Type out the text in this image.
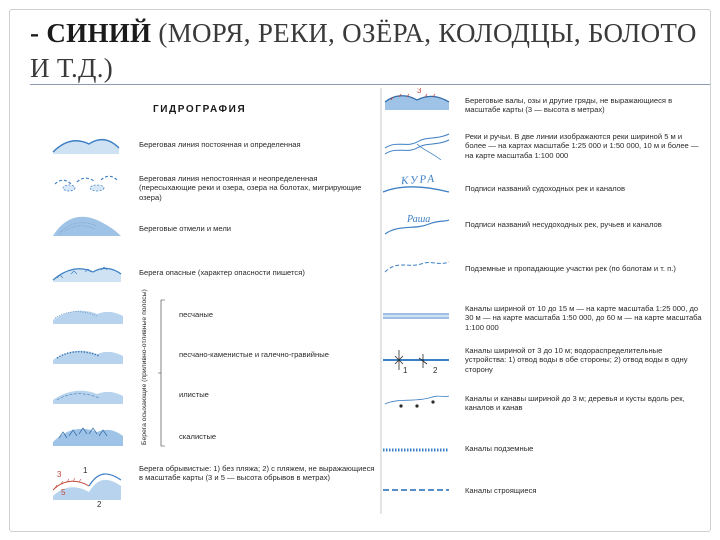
- СИНИЙ (МОРЯ, РЕКИ, ОЗЁРА, КОЛОДЦЫ, БОЛОТО И Т.Д.)
ГИДРОГРАФИЯ
Береговая линия постоянная и определенная
Береговая линия непостоянная и неопределенная (пересыхающие реки и озера, озера на болотах, мигрирующие озера)
Береговые отмели и мели
Берега опасные (характер опасности пишется)
песчаные
песчано-каменистые и галечно-гравийные
илистые
скалистые
Берега обрывистые: 1) без пляжа; 2) с пляжем, не выражающиеся в масштабе карты (3 и 5 — высота обрывов в метрах)
Берега осыхающие (приливно-отливные полосы)
Береговые валы, озы и другие гряды, не выражающиеся в масштабе карты (3 — высота в метрах)
Реки и ручьи. В две линии изображаются реки шириной 5 м и более — на картах масштабе 1:25 000 и 1:50 000, 10 м и более — на карте масштаба 1:100 000
Подписи названий судоходных рек и каналов
Подписи названий несудоходных рек, ручьев и каналов
Подземные и пропадающие участки рек (по болотам и т. п.)
Каналы шириной от 10 до 15 м — на карте масштаба 1:25 000, до 30 м — на карте масштаба 1:50 000, до 60 м — на карте масштаба 1:100 000
Каналы шириной от 3 до 10 м; водораспределительные устройства: 1) отвод воды в обе стороны; 2) отвод воды в одну сторону
Каналы и канавы шириной до 3 м; деревья и кусты вдоль рек, каналов и канав
Каналы подземные
Каналы строящиеся
КУРА
Раша
3
1
2
3
5
1	2
